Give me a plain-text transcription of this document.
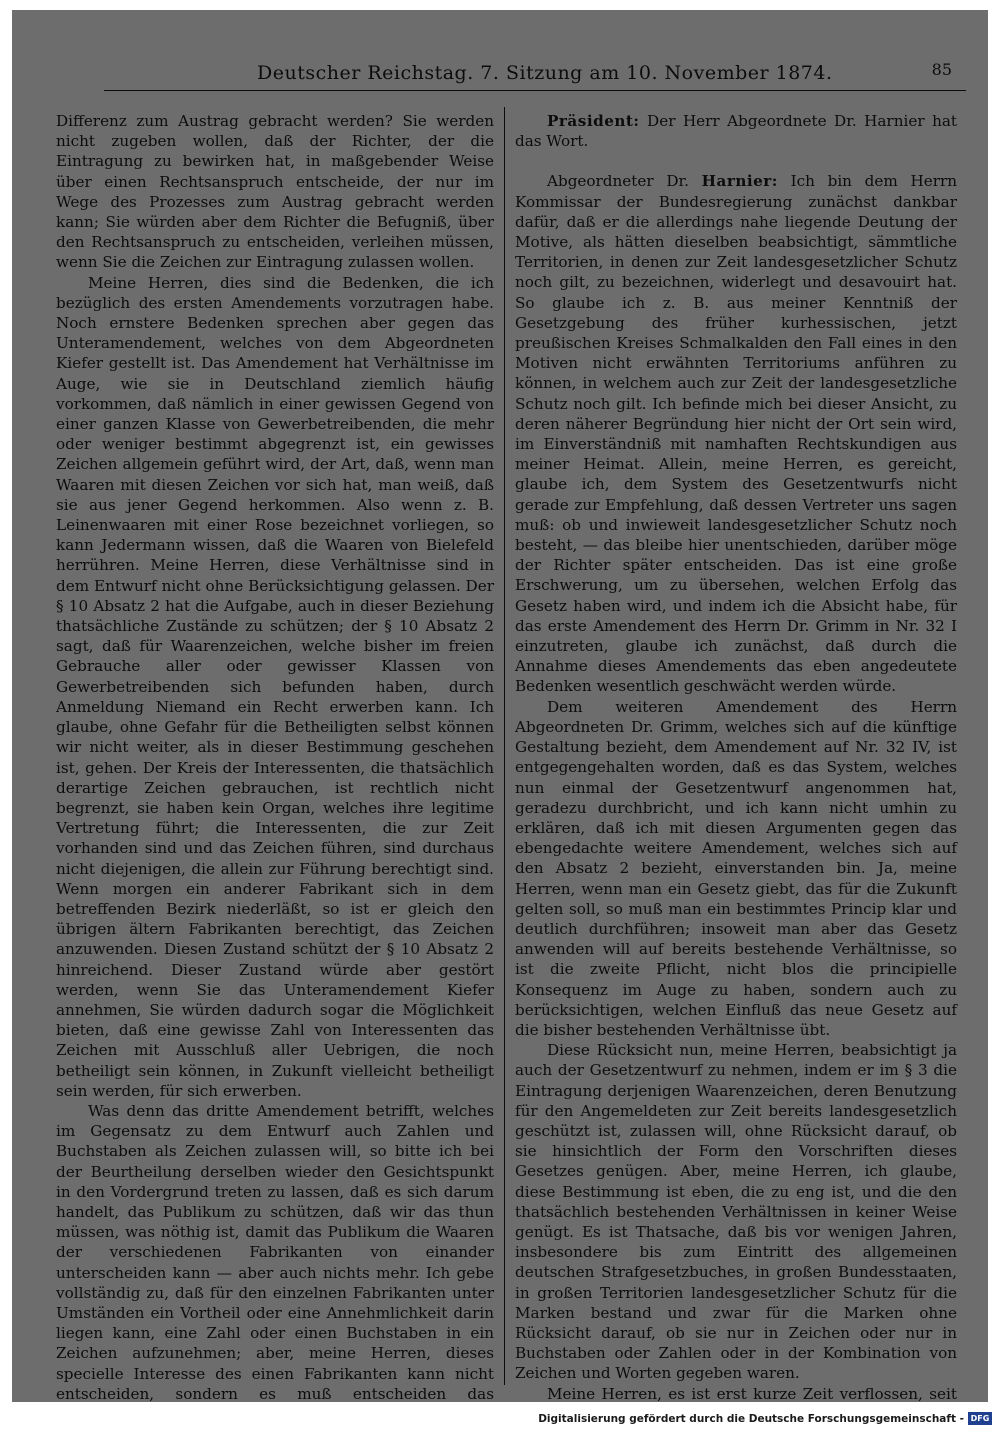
Deutscher Reichstag. 7. Sitzung am 10. November 1874.	85

Differenz zum Austrag gebracht werden? Sie werden nicht zugeben wollen, daß der Richter, der die Eintragung zu bewirken hat, in maßgebender Weise über einen Rechtsanspruch entscheide, der nur im Wege des Prozesses zum Austrag gebracht werden kann; Sie würden aber dem Richter die Befugniß, über den Rechtsanspruch zu entscheiden, verleihen müssen, wenn Sie die Zeichen zur Eintragung zulassen wollen.

Meine Herren, dies sind die Bedenken, die ich bezüglich des ersten Amendements vorzutragen habe. Noch ernstere Bedenken sprechen aber gegen das Unteramendement, welches von dem Abgeordneten Kiefer gestellt ist. Das Amendement hat Verhältnisse im Auge, wie sie in Deutschland ziemlich häufig vorkommen, daß nämlich in einer gewissen Gegend von einer ganzen Klasse von Gewerbetreibenden, die mehr oder weniger bestimmt abgegrenzt ist, ein gewisses Zeichen allgemein geführt wird, der Art, daß, wenn man Waaren mit diesen Zeichen vor sich hat, man weiß, daß sie aus jener Gegend herkommen. Also wenn z. B. Leinenwaaren mit einer Rose bezeichnet vorliegen, so kann Jedermann wissen, daß die Waaren von Bielefeld herrühren. Meine Herren, diese Verhältnisse sind in dem Entwurf nicht ohne Berücksichtigung gelassen. Der § 10 Absatz 2 hat die Aufgabe, auch in dieser Beziehung thatsächliche Zustände zu schützen; der § 10 Absatz 2 sagt, daß für Waarenzeichen, welche bisher im freien Gebrauche aller oder gewisser Klassen von Gewerbetreibenden sich befunden haben, durch Anmeldung Niemand ein Recht erwerben kann. Ich glaube, ohne Gefahr für die Betheiligten selbst können wir nicht weiter, als in dieser Bestimmung geschehen ist, gehen. Der Kreis der Interessenten, die thatsächlich derartige Zeichen gebrauchen, ist rechtlich nicht begrenzt, sie haben kein Organ, welches ihre legitime Vertretung führt; die Interessenten, die zur Zeit vorhanden sind und das Zeichen führen, sind durchaus nicht diejenigen, die allein zur Führung berechtigt sind. Wenn morgen ein anderer Fabrikant sich in dem betreffenden Bezirk niederläßt, so ist er gleich den übrigen ältern Fabrikanten berechtigt, das Zeichen anzuwenden. Diesen Zustand schützt der § 10 Absatz 2 hinreichend. Dieser Zustand würde aber gestört werden, wenn Sie das Unteramendement Kiefer annehmen, Sie würden dadurch sogar die Möglichkeit bieten, daß eine gewisse Zahl von Interessenten das Zeichen mit Ausschluß aller Uebrigen, die noch betheiligt sein können, in Zukunft vielleicht betheiligt sein werden, für sich erwerben.

Was denn das dritte Amendement betrifft, welches im Gegensatz zu dem Entwurf auch Zahlen und Buchstaben als Zeichen zulassen will, so bitte ich bei der Beurtheilung derselben wieder den Gesichtspunkt in den Vordergrund treten zu lassen, daß es sich darum handelt, das Publikum zu schützen, daß wir das thun müssen, was nöthig ist, damit das Publikum die Waaren der verschiedenen Fabrikanten von einander unterscheiden kann — aber auch nichts mehr. Ich gebe vollständig zu, daß für den einzelnen Fabrikanten unter Umständen ein Vortheil oder eine Annehmlichkeit darin liegen kann, eine Zahl oder einen Buchstaben in ein Zeichen aufzunehmen; aber, meine Herren, dieses specielle Interesse des einen Fabrikanten kann nicht entscheiden, sondern es muß entscheiden das

Präsident: Der Herr Abgeordnete Dr. Harnier hat das Wort.

Abgeordneter Dr. Harnier: Ich bin dem Herrn Kommissar der Bundesregierung zunächst dankbar dafür, daß er die allerdings nahe liegende Deutung der Motive, als hätten dieselben beabsichtigt, sämmtliche Territorien, in denen zur Zeit landesgesetzlicher Schutz noch gilt, zu bezeichnen, widerlegt und desavouirt hat. So glaube ich z. B. aus meiner Kenntniß der Gesetzgebung des früher kurhessischen, jetzt preußischen Kreises Schmalkalden den Fall eines in den Motiven nicht erwähnten Territoriums anführen zu können, in welchem auch zur Zeit der landesgesetzliche Schutz noch gilt. Ich befinde mich bei dieser Ansicht, zu deren näherer Begründung hier nicht der Ort sein wird, im Einverständniß mit namhaften Rechtskundigen aus meiner Heimat. Allein, meine Herren, es gereicht, glaube ich, dem System des Gesetzentwurfs nicht gerade zur Empfehlung, daß dessen Vertreter uns sagen muß: ob und inwieweit landesgesetzlicher Schutz noch besteht, — das bleibe hier unentschieden, darüber möge der Richter später entscheiden. Das ist eine große Erschwerung, um zu übersehen, welchen Erfolg das Gesetz haben wird, und indem ich die Absicht habe, für das erste Amendement des Herrn Dr. Grimm in Nr. 32 I einzutreten, glaube ich zunächst, daß durch die Annahme dieses Amendements das eben angedeutete Bedenken wesentlich geschwächt werden würde.

Dem weiteren Amendement des Herrn Abgeordneten Dr. Grimm, welches sich auf die künftige Gestaltung bezieht, dem Amendement auf Nr. 32 IV, ist entgegengehalten worden, daß es das System, welches nun einmal der Gesetzentwurf angenommen hat, geradezu durchbricht, und ich kann nicht umhin zu erklären, daß ich mit diesen Argumenten gegen das ebengedachte weitere Amendement, welches sich auf den Absatz 2 bezieht, einverstanden bin. Ja, meine Herren, wenn man ein Gesetz giebt, das für die Zukunft gelten soll, so muß man ein bestimmtes Princip klar und deutlich durchführen; insoweit man aber das Gesetz anwenden will auf bereits bestehende Verhältnisse, so ist die zweite Pflicht, nicht blos die principielle Konsequenz im Auge zu haben, sondern auch zu berücksichtigen, welchen Einfluß das neue Gesetz auf die bisher bestehenden Verhältnisse übt.

Diese Rücksicht nun, meine Herren, beabsichtigt ja auch der Gesetzentwurf zu nehmen, indem er im § 3 die Eintragung derjenigen Waarenzeichen, deren Benutzung für den Angemeldeten zur Zeit bereits landesgesetzlich geschützt ist, zulassen will, ohne Rücksicht darauf, ob sie hinsichtlich der Form den Vorschriften dieses Gesetzes genügen. Aber, meine Herren, ich glaube, diese Bestimmung ist eben, die zu eng ist, und die den thatsächlich bestehenden Verhältnissen in keiner Weise genügt. Es ist Thatsache, daß bis vor wenigen Jahren, insbesondere bis zum Eintritt des allgemeinen deutschen Strafgesetzbuches, in großen Bundesstaaten, in großen Territorien landesgesetzlicher Schutz für die Marken bestand und zwar für die Marken ohne Rücksicht darauf, ob sie nur in Zeichen oder nur in Buchstaben oder Zahlen oder in der Kombination von Zeichen und Worten gegeben waren.

Meine Herren, es ist erst kurze Zeit verflossen, seit

Digitalisierung gefördert durch die Deutsche Forschungsgemeinschaft - DFG
